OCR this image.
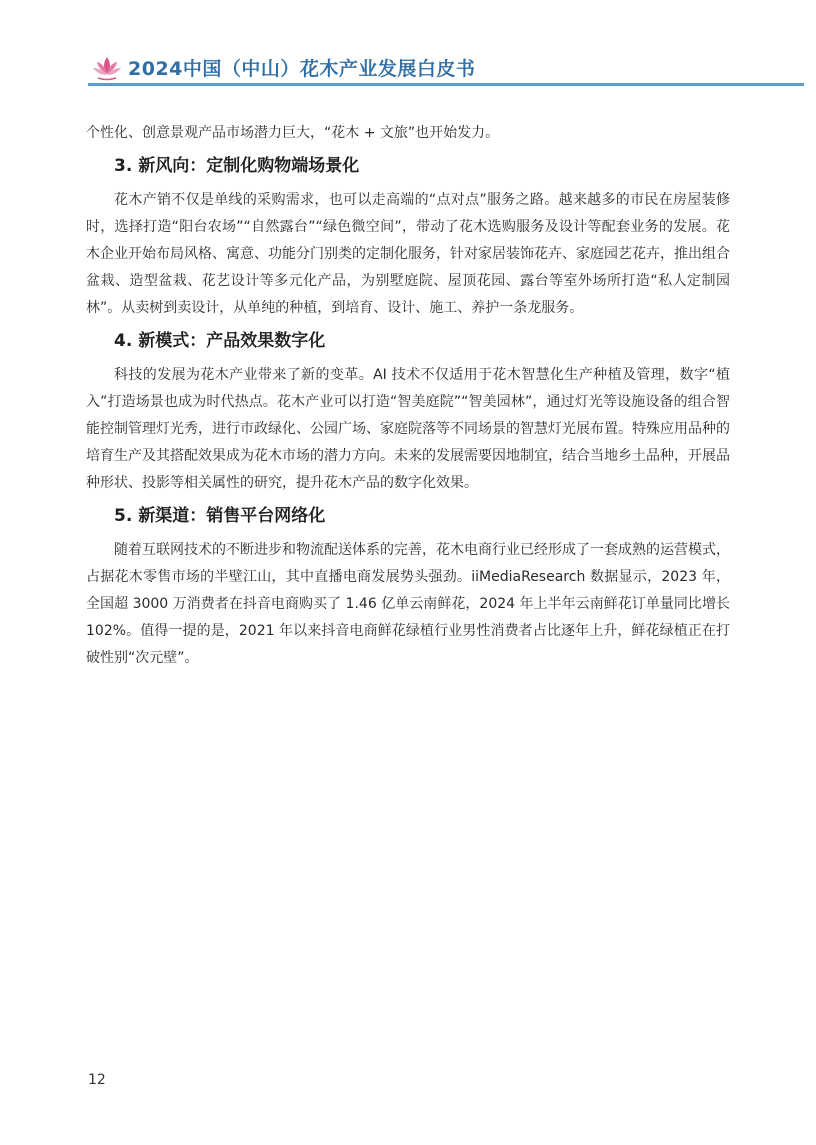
2024中国（中山）花木产业发展白皮书

个性化、创意景观产品市场潜力巨大，“花木 + 文旅”也开始发力。

3. 新风向：定制化购物端场景化

花木产销不仅是单线的采购需求，也可以走高端的“点对点”服务之路。越来越多的市民在房屋装修时，选择打造“阳台农场”“自然露台”“绿色微空间”，带动了花木选购服务及设计等配套业务的发展。花木企业开始布局风格、寓意、功能分门别类的定制化服务，针对家居装饰花卉、家庭园艺花卉，推出组合盆栽、造型盆栽、花艺设计等多元化产品，为别墅庭院、屋顶花园、露台等室外场所打造“私人定制园林”。从卖树到卖设计，从单纯的种植，到培育、设计、施工、养护一条龙服务。

4. 新模式：产品效果数字化

科技的发展为花木产业带来了新的变革。AI 技术不仅适用于花木智慧化生产种植及管理，数字“植入”打造场景也成为时代热点。花木产业可以打造“智美庭院”“智美园林”，通过灯光等设施设备的组合智能控制管理灯光秀，进行市政绿化、公园广场、家庭院落等不同场景的智慧灯光展布置。特殊应用品种的培育生产及其搭配效果成为花木市场的潜力方向。未来的发展需要因地制宜，结合当地乡土品种，开展品种形状、投影等相关属性的研究，提升花木产品的数字化效果。

5. 新渠道：销售平台网络化

随着互联网技术的不断进步和物流配送体系的完善，花木电商行业已经形成了一套成熟的运营模式，占据花木零售市场的半壁江山，其中直播电商发展势头强劲。iiMediaResearch 数据显示，2023 年，全国超 3000 万消费者在抖音电商购买了 1.46 亿单云南鲜花，2024 年上半年云南鲜花订单量同比增长 102%。值得一提的是，2021 年以来抖音电商鲜花绿植行业男性消费者占比逐年上升，鲜花绿植正在打破性别“次元壁”。

12
